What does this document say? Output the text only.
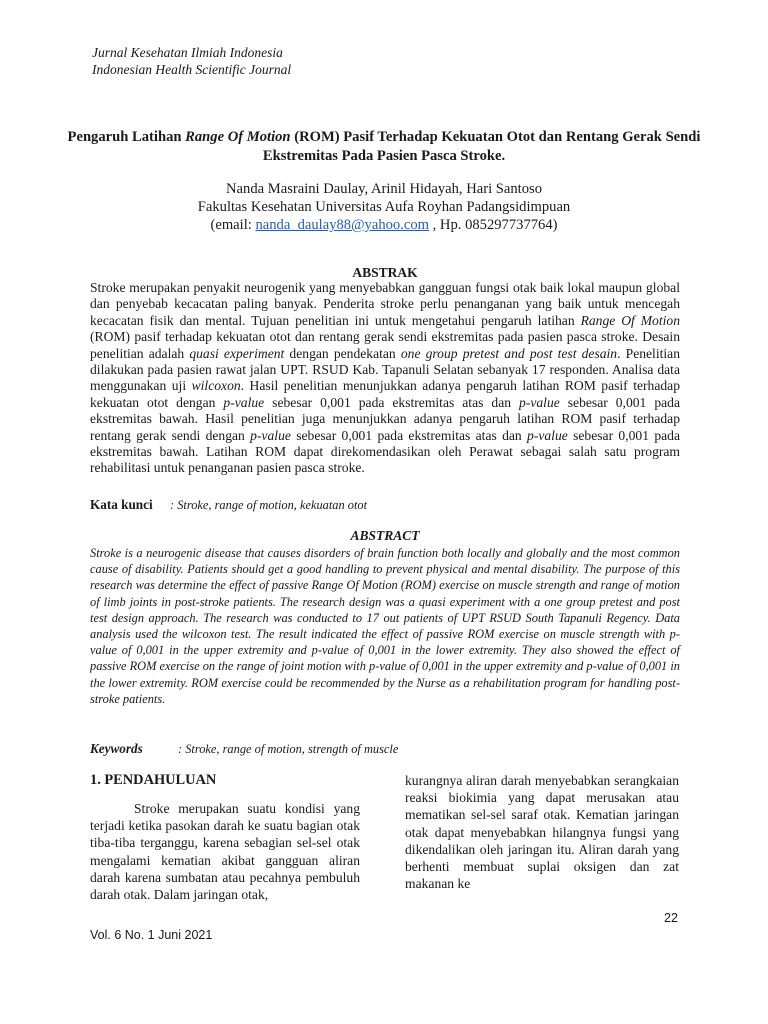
Jurnal Kesehatan Ilmiah Indonesia
Indonesian Health Scientific Journal
Pengaruh Latihan Range Of Motion (ROM) Pasif Terhadap Kekuatan Otot dan Rentang Gerak Sendi Ekstremitas Pada Pasien Pasca Stroke.
Nanda Masraini Daulay, Arinil Hidayah, Hari Santoso
Fakultas Kesehatan Universitas Aufa Royhan Padangsidimpuan
(email: nanda_daulay88@yahoo.com , Hp. 085297737764)
ABSTRAK
Stroke merupakan penyakit neurogenik yang menyebabkan gangguan fungsi otak baik lokal maupun global dan penyebab kecacatan paling banyak. Penderita stroke perlu penanganan yang baik untuk mencegah kecacatan fisik dan mental. Tujuan penelitian ini untuk mengetahui pengaruh latihan Range Of Motion (ROM) pasif terhadap kekuatan otot dan rentang gerak sendi ekstremitas pada pasien pasca stroke. Desain penelitian adalah quasi experiment dengan pendekatan one group pretest and post test desain. Penelitian dilakukan pada pasien rawat jalan UPT. RSUD Kab. Tapanuli Selatan sebanyak 17 responden. Analisa data menggunakan uji wilcoxon. Hasil penelitian menunjukkan adanya pengaruh latihan ROM pasif terhadap kekuatan otot dengan p-value sebesar 0,001 pada ekstremitas atas dan p-value sebesar 0,001 pada ekstremitas bawah. Hasil penelitian juga menunjukkan adanya pengaruh latihan ROM pasif terhadap rentang gerak sendi dengan p-value sebesar 0,001 pada ekstremitas atas dan p-value sebesar 0,001 pada ekstremitas bawah. Latihan ROM dapat direkomendasikan oleh Perawat sebagai salah satu program rehabilitasi untuk penanganan pasien pasca stroke.
Kata kunci : Stroke, range of motion, kekuatan otot
ABSTRACT
Stroke is a neurogenic disease that causes disorders of brain function both locally and globally and the most common cause of disability. Patients should get a good handling to prevent physical and mental disability. The purpose of this research was determine the effect of passive Range Of Motion (ROM) exercise on muscle strength and range of motion of limb joints in post-stroke patients. The research design was a quasi experiment with a one group pretest and post test design approach. The research was conducted to 17 out patients of UPT RSUD South Tapanuli Regency. Data analysis used the wilcoxon test. The result indicated the effect of passive ROM exercise on muscle strength with p-value of 0,001 in the upper extremity and p-value of 0,001 in the lower extremity. They also showed the effect of passive ROM exercise on the range of joint motion with p-value of 0,001 in the upper extremity and p-value of 0,001 in the lower extremity. ROM exercise could be recommended by the Nurse as a rehabilitation program for handling post-stroke patients.
Keywords	: Stroke, range of motion, strength of muscle
1. PENDAHULUAN
Stroke merupakan suatu kondisi yang terjadi ketika pasokan darah ke suatu bagian otak tiba-tiba terganggu, karena sebagian sel-sel otak mengalami kematian akibat gangguan aliran darah karena sumbatan atau pecahnya pembuluh darah otak. Dalam jaringan otak,
kurangnya aliran darah menyebabkan serangkaian reaksi biokimia yang dapat merusakan atau mematikan sel-sel saraf otak. Kematian jaringan otak dapat menyebabkan hilangnya fungsi yang dikendalikan oleh jaringan itu. Aliran darah yang berhenti membuat suplai oksigen dan zat makanan ke
22
Vol. 6 No. 1 Juni 2021
